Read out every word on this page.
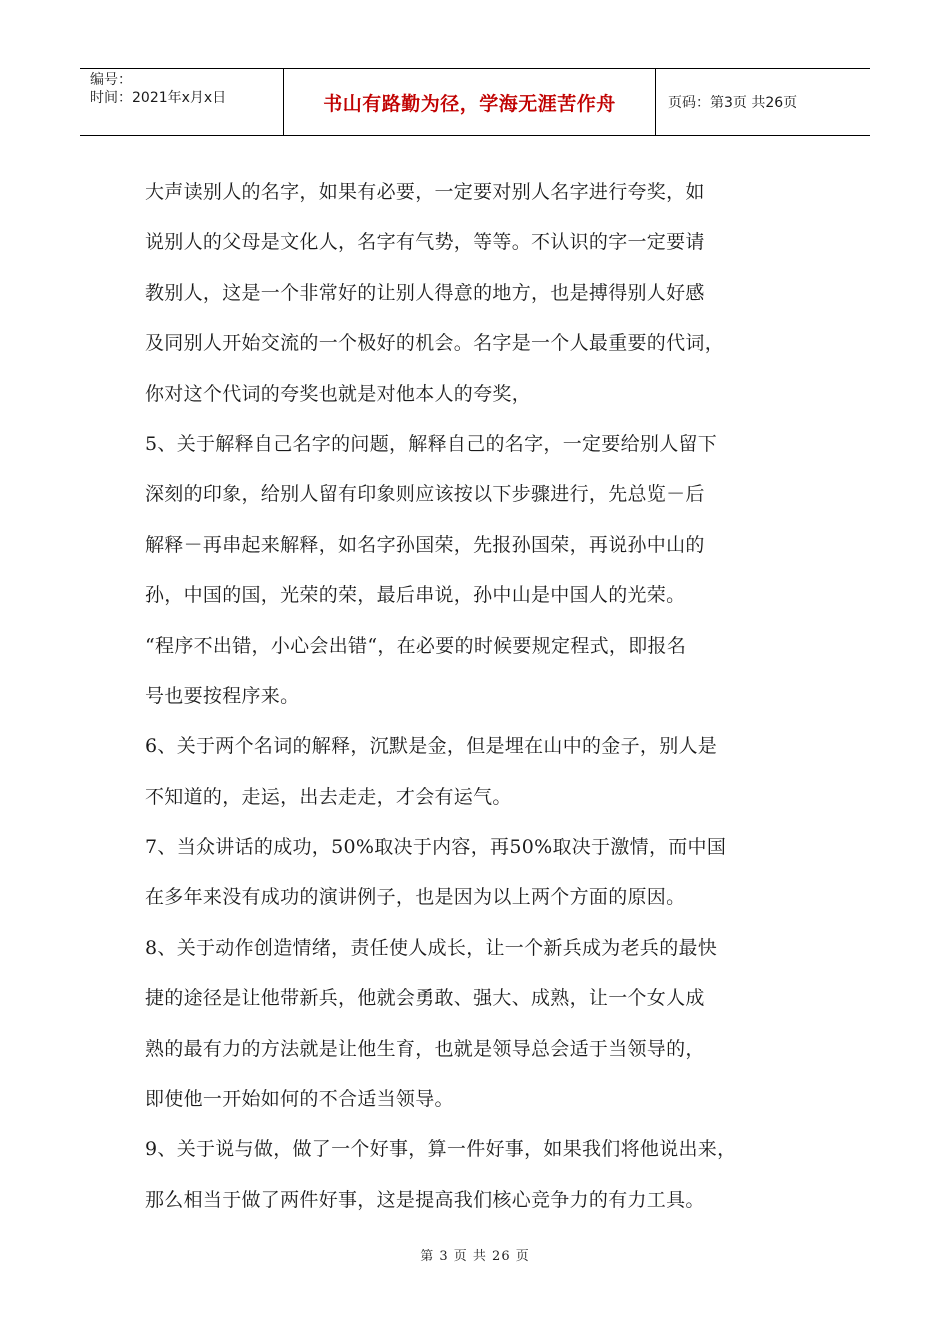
编号：
时间：2021年x月x日	书山有路勤为径，学海无涯苦作舟	页码：第3页 共26页
大声读别人的名字，如果有必要，一定要对别人名字进行夸奖，如
说别人的父母是文化人，名字有气势，等等。不认识的字一定要请
教别人，这是一个非常好的让别人得意的地方，也是搏得别人好感
及同别人开始交流的一个极好的机会。名字是一个人最重要的代词，
你对这个代词的夸奖也就是对他本人的夸奖，
5、关于解释自己名字的问题，解释自己的名字，一定要给别人留下
深刻的印象，给别人留有印象则应该按以下步骤进行，先总览－后
解释－再串起来解释，如名字孙国荣，先报孙国荣，再说孙中山的
孙，中国的国，光荣的荣，最后串说，孙中山是中国人的光荣。
“程序不出错，小心会出错“，在必要的时候要规定程式，即报名
号也要按程序来。
6、关于两个名词的解释，沉默是金，但是埋在山中的金子，别人是
不知道的，走运，出去走走，才会有运气。
7、当众讲话的成功，50%取决于内容，再50%取决于激情，而中国
在多年来没有成功的演讲例子，也是因为以上两个方面的原因。
8、关于动作创造情绪，责任使人成长，让一个新兵成为老兵的最快
捷的途径是让他带新兵，他就会勇敢、强大、成熟，让一个女人成
熟的最有力的方法就是让他生育，也就是领导总会适于当领导的，
即使他一开始如何的不合适当领导。
9、关于说与做，做了一个好事，算一件好事，如果我们将他说出来，
那么相当于做了两件好事，这是提高我们核心竞争力的有力工具。
第 3 页 共 26 页
